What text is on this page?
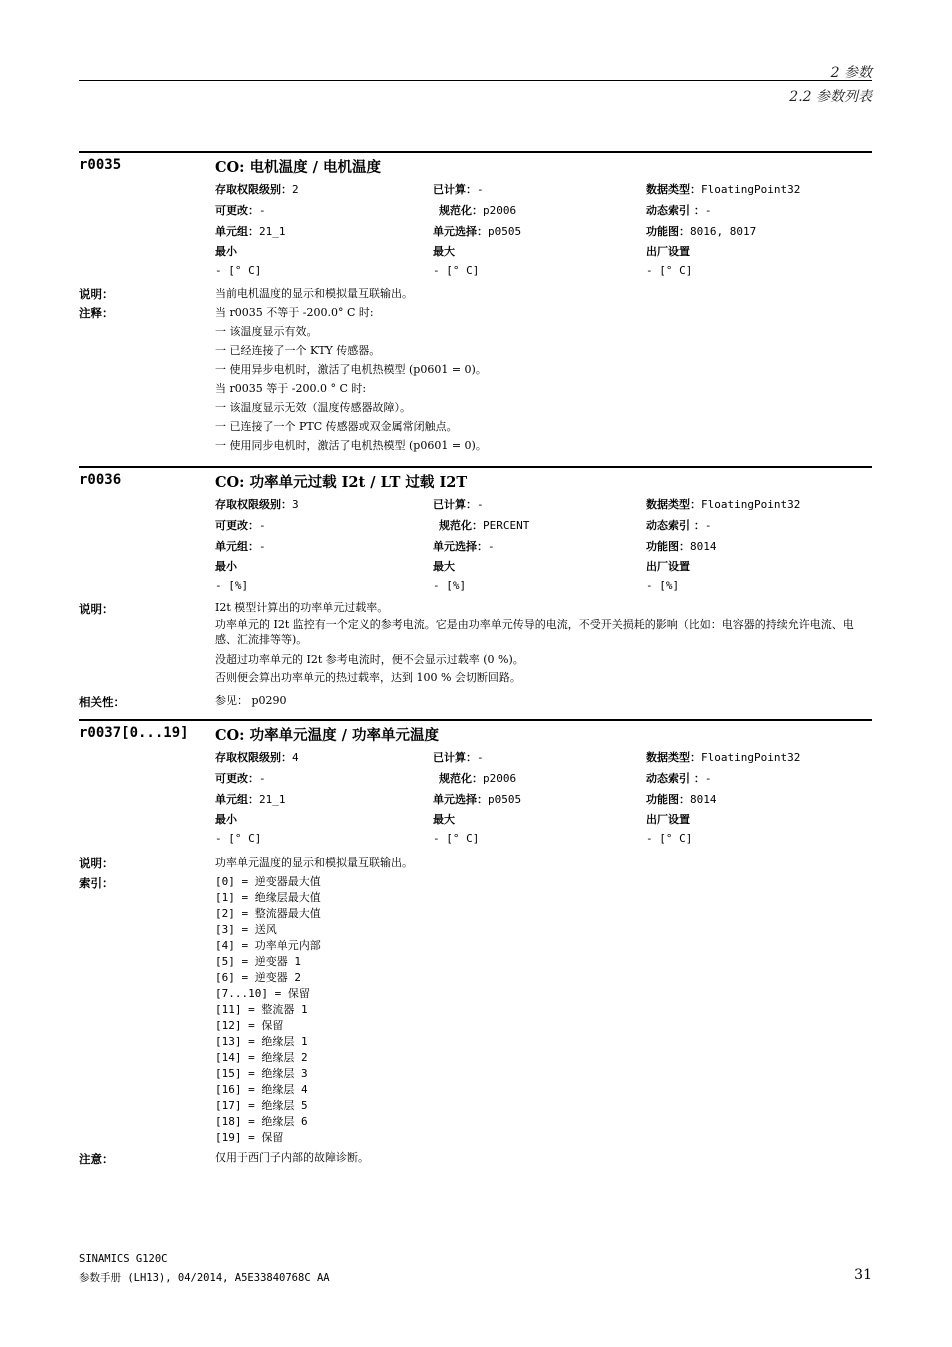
2 参数
2.2 参数列表
r0035	CO: 电机温度 / 电机温度
存取权限级别：2	已计算：-	数据类型：FloatingPoint32
可更改：-	规范化：p2006	动态索引 ：-
单元组：21_1	单元选择：p0505	功能图：8016, 8017
最小	最大	出厂设置
- [° C]	- [° C]	- [° C]
说明：	当前电机温度的显示和模拟量互联输出。
注释：	当 r0035 不等于 -200.0° C 时:
一 该温度显示有效。
一 已经连接了一个 KTY 传感器。
一 使用异步电机时，激活了电机热模型 (p0601 = 0)。
当 r0035 等于 -200.0 ° C 时:
一 该温度显示无效（温度传感器故障）。
一 已连接了一个 PTC 传感器或双金属常闭触点。
一 使用同步电机时，激活了电机热模型 (p0601 = 0)。
r0036	CO: 功率单元过载 I2t / LT 过载 I2T
存取权限级别：3	已计算：-	数据类型：FloatingPoint32
可更改：-	规范化：PERCENT	动态索引 ：-
单元组：-	单元选择：-	功能图：8014
最小	最大	出厂设置
- [%]	- [%]	- [%]
说明：	I2t 模型计算出的功率单元过载率。
功率单元的 I2t 监控有一个定义的参考电流。它是由功率单元传导的电流，不受开关损耗的影响（比如：电容器的持续允许电流、电感、汇流排等等)。
没超过功率单元的 I2t 参考电流时，便不会显示过载率 (0 %)。
否则便会算出功率单元的热过载率，达到 100 % 会切断回路。
相关性：	参见： p0290
r0037[0...19] CO: 功率单元温度 / 功率单元温度
存取权限级别：4	已计算：-	数据类型：FloatingPoint32
可更改：-	规范化：p2006	动态索引 ：-
单元组：21_1	单元选择：p0505	功能图：8014
最小	最大	出厂设置
- [° C]	- [° C]	- [° C]
说明：	功率单元温度的显示和模拟量互联输出。
索引：	[0] = 逆变器最大值
[1] = 绝缘层最大值
[2] = 整流器最大值
[3] = 送风
[4] = 功率单元内部
[5] = 逆变器 1
[6] = 逆变器 2
[7...10] = 保留
[11] = 整流器 1
[12] = 保留
[13] = 绝缘层 1
[14] = 绝缘层 2
[15] = 绝缘层 3
[16] = 绝缘层 4
[17] = 绝缘层 5
[18] = 绝缘层 6
[19] = 保留
注意：	仅用于西门子内部的故障诊断。
SINAMICS G120C
参数手册 (LH13), 04/2014, A5E33840768C AA	31
